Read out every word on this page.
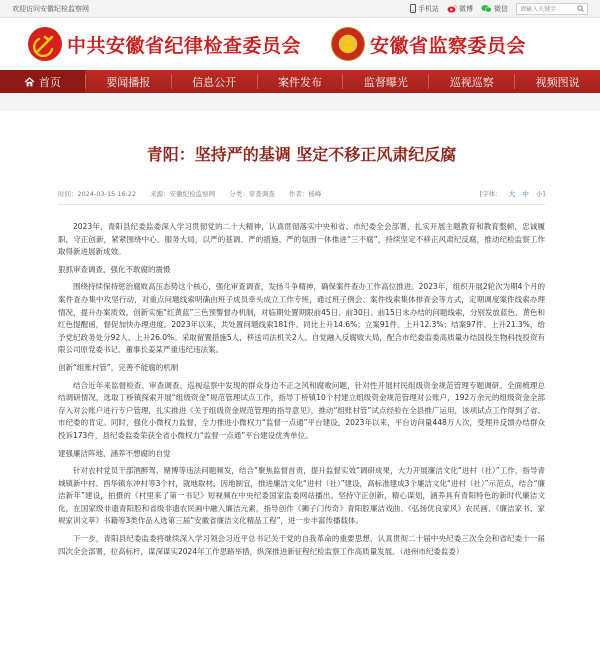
欢迎访问安徽纪检监察网	手机站	微博	微信 请输入关键字
中共安徽省纪律检查委员会	安徽省监察委员会
首页	要闻播报	信息公开	案件发布	监督曝光	巡视巡察	视频图说
青阳：坚持严的基调 坚定不移正风肃纪反腐
时间：2024-03-15 16:22 来源：安徽纪检监察网 分类：审查调查 作者：杨峰	[字体： 大 中 小]

2023年，青阳县纪委监委深入学习贯彻党的二十大精神，认真贯彻落实中央和省、市纪委全会部署，扎实开展主题教育和教育整顿，忠诚履职，守正创新，紧紧围绕中心、服务大局，以严的基调、严的措施、严的氛围一体推进“三不腐”，持续坚定不移正风肃纪反腐，推动纪检监察工作取得新进展新成效。

狠抓审查调查，强化不敢腐的震慑

围绕持续保持惩治腐败高压态势这个核心，强化审查调查，发扬斗争精神，确保案件查办工作高位推进。2023年，组织开展2轮次为期4个月的案件查办集中攻坚行动，对重点问题线索明确由班子成员牵头成立工作专班，通过班子例会、案件线索集体排查会等方式，定期调度案件线索办理情况，提升办案质效。创新实施“红黄蓝”三色预警督办机制，对临期处置期限前45日、前30日、前15日未办结的问题线索，分别发放蓝色、黄色和红色提醒函，督促加快办理进度。2023年以来，共处置问题线索181件、同比上升14.6%；立案91件、上升12.3%；结案97件、上升21.3%，给予党纪政务处分92人、上升26.0%。采取留置措施5人，移送司法机关2人。自觉融入反腐败大局，配合市纪委监委高质量办结国投生物科技投资有限公司原党委书记、董事长姜某严重违纪违法案。

创新“组账村管”，完善不能腐的机制

结合近年来监督检查、审查调查、巡视巡察中发现的群众身边不正之风和腐败问题，针对性开展村民组级资金规范管理专题调研。全面梳理总结调研情况，选取丁桥镇探索开展“组级资金”规范管理试点工作，指导丁桥镇10个村建立组级资金规范管理对公账户，192万余元的组级资金全部存入对公账户进行专户管理，扎实推进《关于组级资金规范管理的指导意见》，推动“组账村管”试点经验在全县推广运用，该项试点工作得到了省、市纪委的肯定。同时，强化小微权力监督，全力推进小微权力“监督一点通”平台建设，2023年以来，平台访问量448万人次，受理并反馈办结群众投诉173件，县纪委监委荣获全省小微权力“监督一点通”平台建设优秀单位。

建强廉洁阵地，涵养不想腐的自觉

针对农村党员干部酒醉驾、赌博等违法问题频发，结合“聚焦监督首责，提升监督实效”调研成果，大力开展廉洁文化“进村（社）”工作，指导青城镇新中村、酉华镇东冲村等3个村，就地取材、因地制宜，推进廉洁文化“进村（社）”建设，高标准建成3个廉洁文化“进村（社）”示范点，结合“廉洁新年”建设，拍摄的《村里来了第一书记》短视频在中央纪委国家监委网站播出。坚持守正创新，精心谋划，涵养具有青阳特色的新时代廉洁文化，在国家级非遗青阳腔和省级非遗农民画中融入廉洁元素，指导创作《狮子门传奇》青阳腔廉洁戏曲、《弘扬优良家风》农民画、《廉洁家书、家规家训文萃》书籍等3类作品入选第三届“安徽省廉洁文化精品工程”，进一步丰富传播载体。

下一步，青阳县纪委监委将继续深入学习领会习近平总书记关于党的自我革命的重要思想，认真贯彻二十届中央纪委三次全会和省纪委十一届四次全会部署，拉高标杆，谋深谋实2024年工作思路举措，纵深推进新征程纪检监察工作高质量发展。（池州市纪委监委）
